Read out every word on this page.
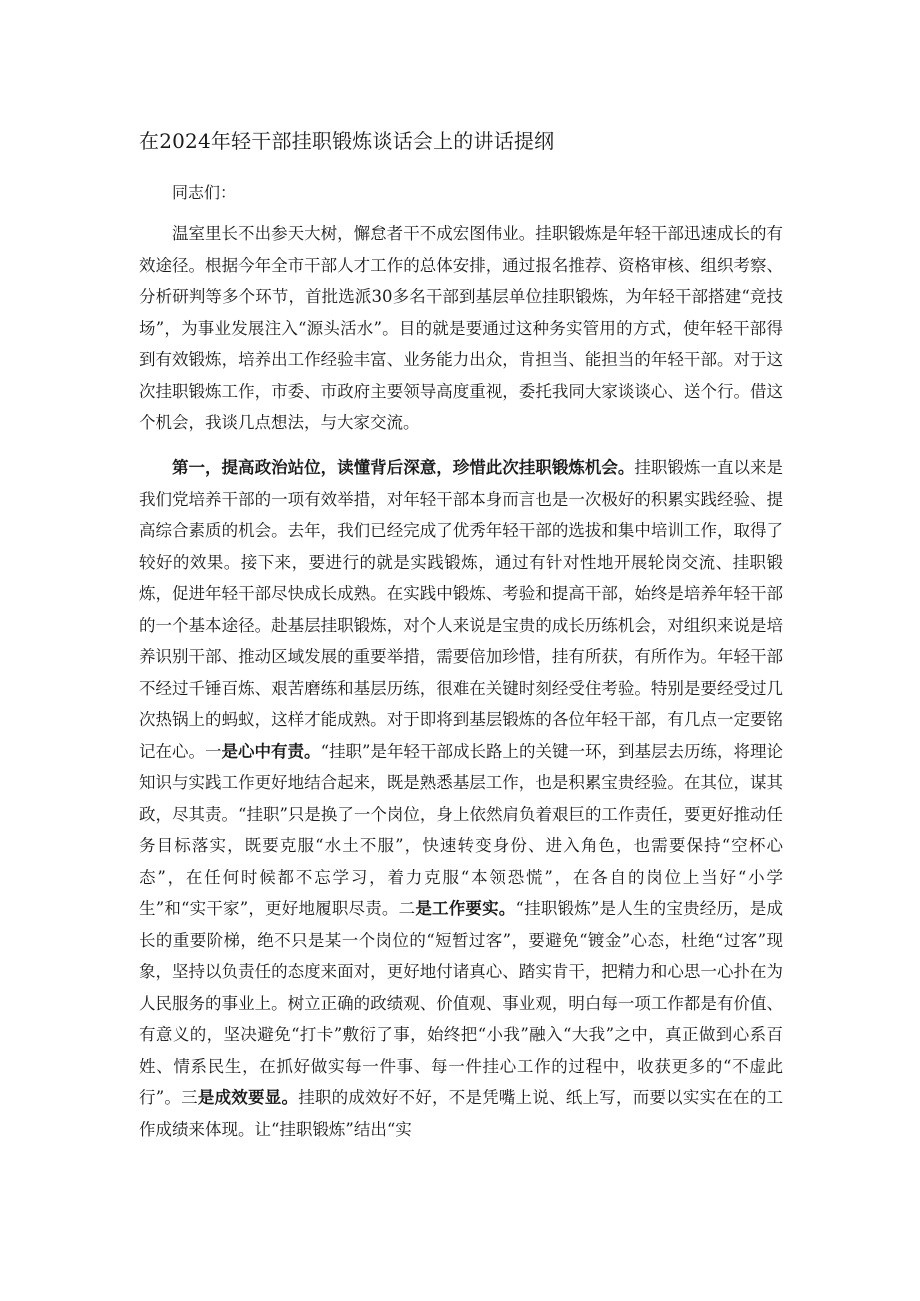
在2024年轻干部挂职锻炼谈话会上的讲话提纲

同志们：

温室里长不出参天大树，懈怠者干不成宏图伟业。挂职锻炼是年轻干部迅速成长的有效途径。根据今年全市干部人才工作的总体安排，通过报名推荐、资格审核、组织考察、分析研判等多个环节，首批选派30多名干部到基层单位挂职锻炼，为年轻干部搭建“竞技场”，为事业发展注入“源头活水”。目的就是要通过这种务实管用的方式，使年轻干部得到有效锻炼，培养出工作经验丰富、业务能力出众，肯担当、能担当的年轻干部。对于这次挂职锻炼工作，市委、市政府主要领导高度重视，委托我同大家谈谈心、送个行。借这个机会，我谈几点想法，与大家交流。

第一，提高政治站位，读懂背后深意，珍惜此次挂职锻炼机会。挂职锻炼一直以来是我们党培养干部的一项有效举措，对年轻干部本身而言也是一次极好的积累实践经验、提高综合素质的机会。去年，我们已经完成了优秀年轻干部的选拔和集中培训工作，取得了较好的效果。接下来，要进行的就是实践锻炼，通过有针对性地开展轮岗交流、挂职锻炼，促进年轻干部尽快成长成熟。在实践中锻炼、考验和提高干部，始终是培养年轻干部的一个基本途径。赴基层挂职锻炼，对个人来说是宝贵的成长历练机会，对组织来说是培养识别干部、推动区域发展的重要举措，需要倍加珍惜，挂有所获，有所作为。年轻干部不经过千锤百炼、艰苦磨练和基层历练，很难在关键时刻经受住考验。特别是要经受过几次热锅上的蚂蚁，这样才能成熟。对于即将到基层锻炼的各位年轻干部，有几点一定要铭记在心。一是心中有责。“挂职”是年轻干部成长路上的关键一环，到基层去历练，将理论知识与实践工作更好地结合起来，既是熟悉基层工作，也是积累宝贵经验。在其位，谋其政，尽其责。“挂职”只是换了一个岗位，身上依然肩负着艰巨的工作责任，要更好推动任务目标落实，既要克服“水土不服”，快速转变身份、进入角色，也需要保持“空杯心态”，在任何时候都不忘学习，着力克服“本领恐慌”，在各自的岗位上当好“小学生”和“实干家”，更好地履职尽责。二是工作要实。“挂职锻炼”是人生的宝贵经历，是成长的重要阶梯，绝不只是某一个岗位的“短暂过客”，要避免“镀金”心态，杜绝“过客”现象，坚持以负责任的态度来面对，更好地付诸真心、踏实肯干，把精力和心思一心扑在为人民服务的事业上。树立正确的政绩观、价值观、事业观，明白每一项工作都是有价值、有意义的，坚决避免“打卡”敷衍了事，始终把“小我”融入“大我”之中，真正做到心系百姓、情系民生，在抓好做实每一件事、每一件挂心工作的过程中，收获更多的“不虚此行”。三是成效要显。挂职的成效好不好，不是凭嘴上说、纸上写，而要以实实在在的工作成绩来体现。让“挂职锻炼”结出“实
